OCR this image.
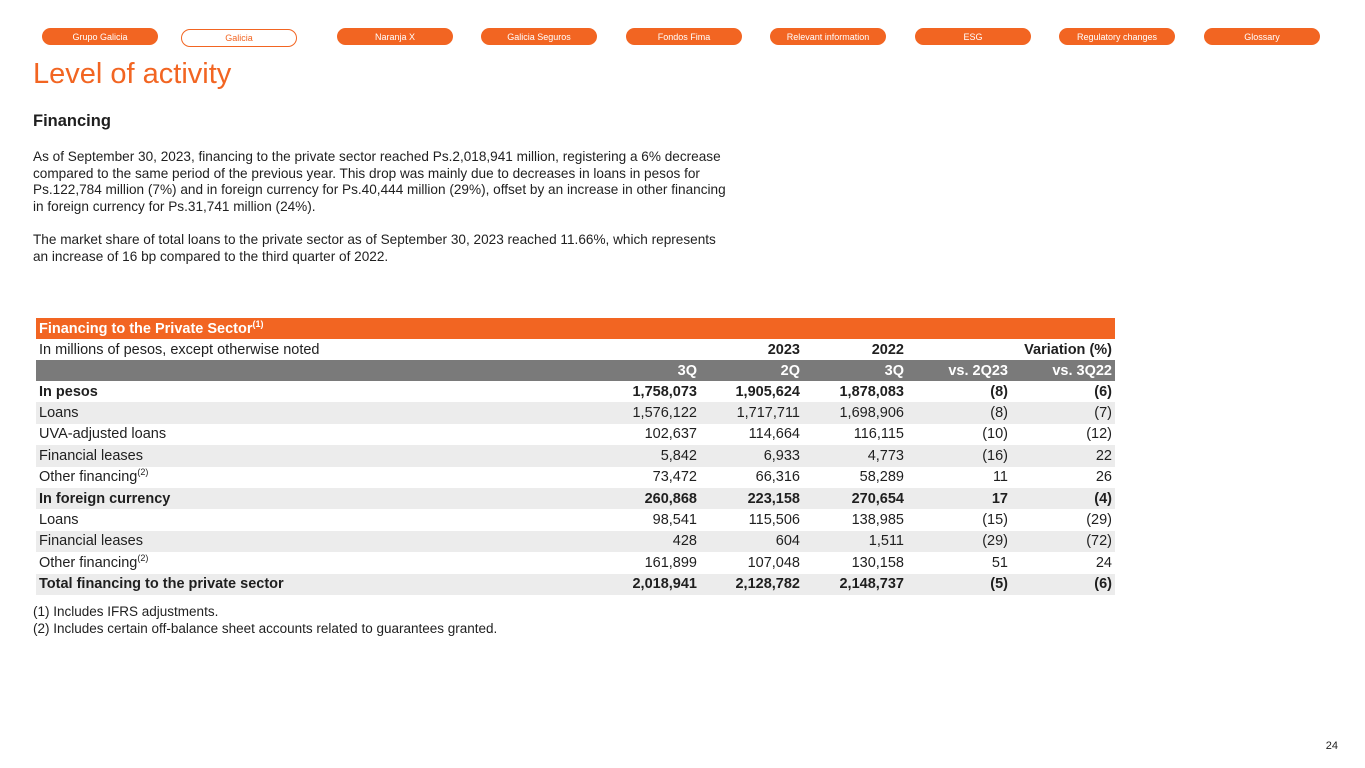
Grupo Galicia	Galicia	Naranja X	Galicia Seguros	Fondos Fima	Relevant information	ESG	Regulatory changes	Glossary
Level of activity
Financing

As of September 30, 2023, financing to the private sector reached Ps.2,018,941 million, registering a 6% decrease compared to the same period of the previous year. This drop was mainly due to decreases in loans in pesos for Ps.122,784 million (7%) and in foreign currency for Ps.40,444 million (29%), offset by an increase in other financing in foreign currency for Ps.31,741 million (24%).

The market share of total loans to the private sector as of September 30, 2023 reached 11.66%, which represents an increase of 16 bp compared to the third quarter of 2022.

Financing to the Private Sector$^{(1)}$
In millions of pesos, except otherwise noted		2023	2022	Variation (%)	
	3Q	2Q	3Q	vs. 2Q23	vs. 3Q22
In pesos	1,758,073	1,905,624	1,878,083	(8)	(6)
Loans	1,576,122	1,717,711	1,698,906	(8)	(7)
UVA-adjusted loans	102,637	114,664	116,115	(10)	(12)
Financial leases	5,842	6,933	4,773	(16)	22
Other financing$^{(2)}$	73,472	66,316	58,289	11	26
In foreign currency	260,868	223,158	270,654	17	(4)
Loans	98,541	115,506	138,985	(15)	(29)
Financial leases	428	604	1,511	(29)	(72)
Other financing$^{(2)}$	161,899	107,048	130,158	51	24
Total financing to the private sector	2,018,941	2,128,782	2,148,737	(5)	(6)

(1) Includes IFRS adjustments.
(2) Includes certain off-balance sheet accounts related to guarantees granted.

24
